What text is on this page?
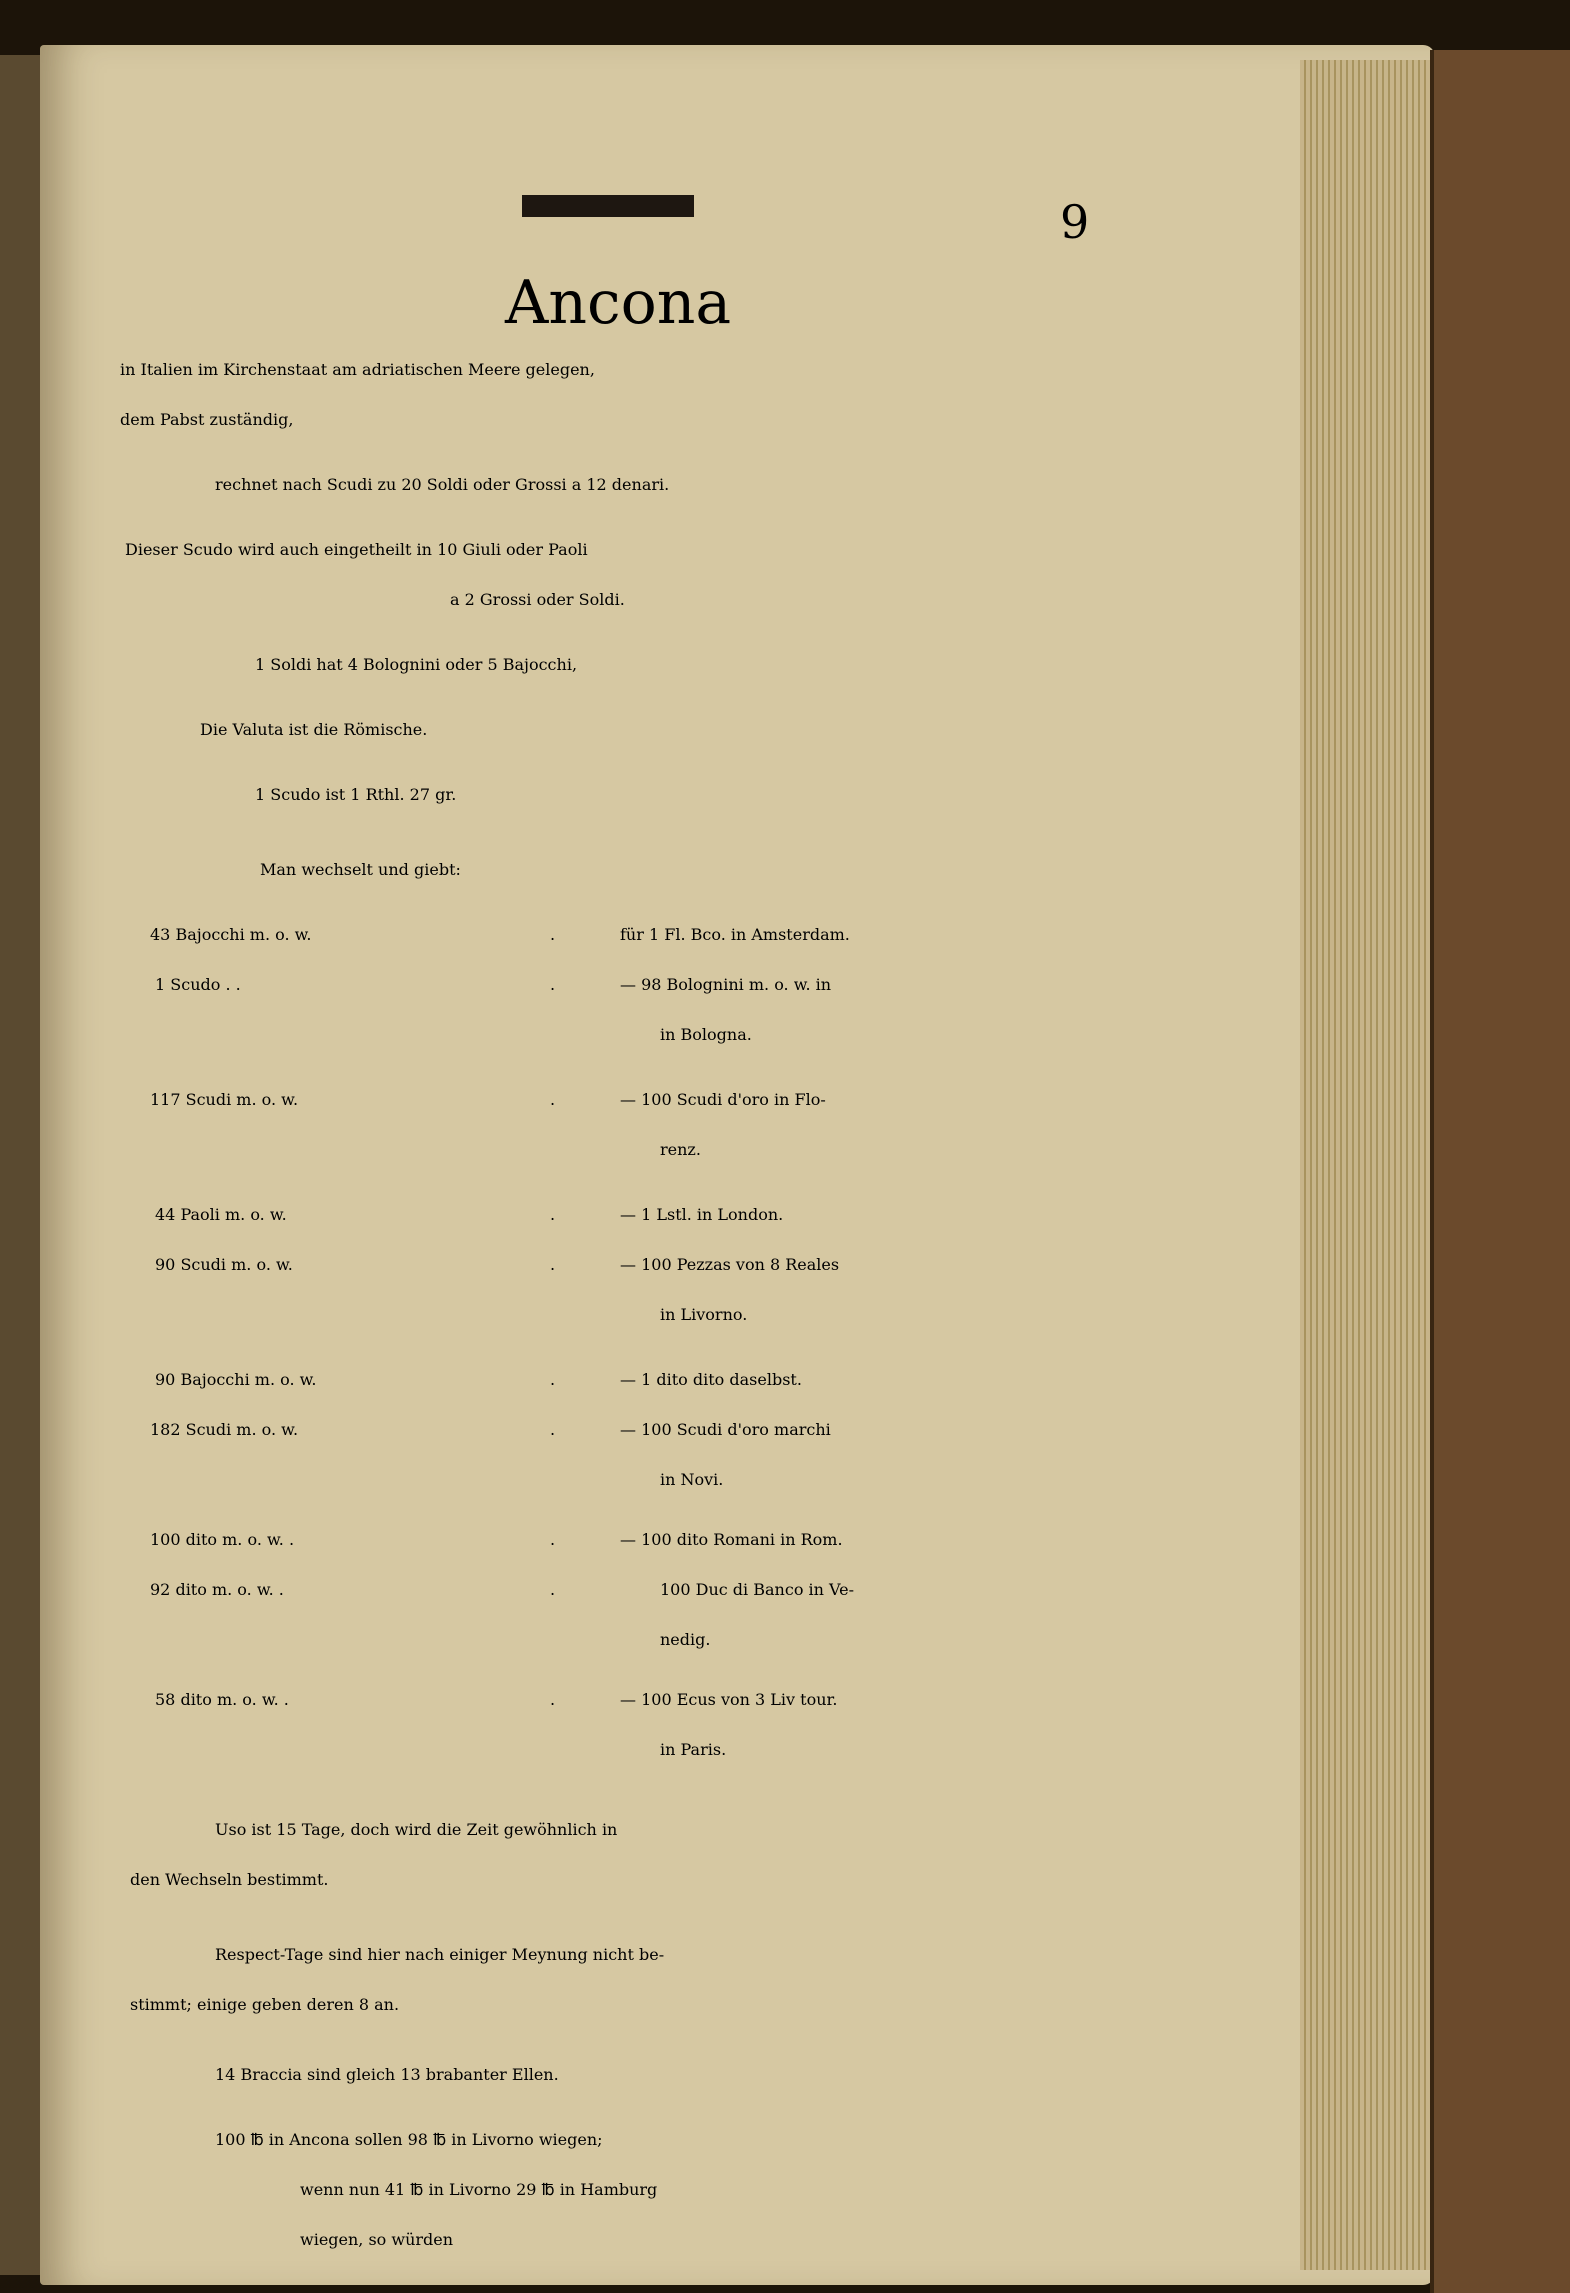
9
Ancona
in Italien im Kirchenstaat am adriatischen Meere gelegen,
dem Pabst zuständig,
rechnet nach Scudi zu 20 Soldi oder Grossi a 12 denari.
Dieser Scudo wird auch eingetheilt in 10 Giuli oder Paoli
a 2 Grossi oder Soldi.
1 Soldi hat 4 Bolognini oder 5 Bajocchi,
Die Valuta ist die Römische.
1 Scudo ist 1 Rthl. 27 gr.
Man wechselt und giebt:
43 Bajocchi m. o. w.	.	für 1 Fl. Bco. in Amsterdam.
1 Scudo . .	.	— 98 Bolognini m. o. w. in
in Bologna.
117 Scudi m. o. w.	.	— 100 Scudi d'oro in Flo-
renz.
44 Paoli m. o. w.	.	— 1 Lstl. in London.
90 Scudi m. o. w.	.	— 100 Pezzas von 8 Reales
in Livorno.
90 Bajocchi m. o. w.	.	— 1 dito dito daselbst.
182 Scudi m. o. w.	.	— 100 Scudi d'oro marchi
in Novi.
100 dito m. o. w. .	.	— 100 dito Romani in Rom.
92 dito m. o. w. .	.	100 Duc di Banco in Ve-
nedig.
58 dito m. o. w. .	.	— 100 Ecus von 3 Liv tour.
in Paris.
Uso ist 15 Tage, doch wird die Zeit gewöhnlich in
den Wechseln bestimmt.
Respect-Tage sind hier nach einiger Meynung nicht be-
stimmt; einige geben deren 8 an.
14 Braccia sind gleich 13 brabanter Ellen.
100 ℔ in Ancona sollen 98 ℔ in Livorno wiegen;
wenn nun 41 ℔ in Livorno 29 ℔ in Hamburg
wiegen, so würden
